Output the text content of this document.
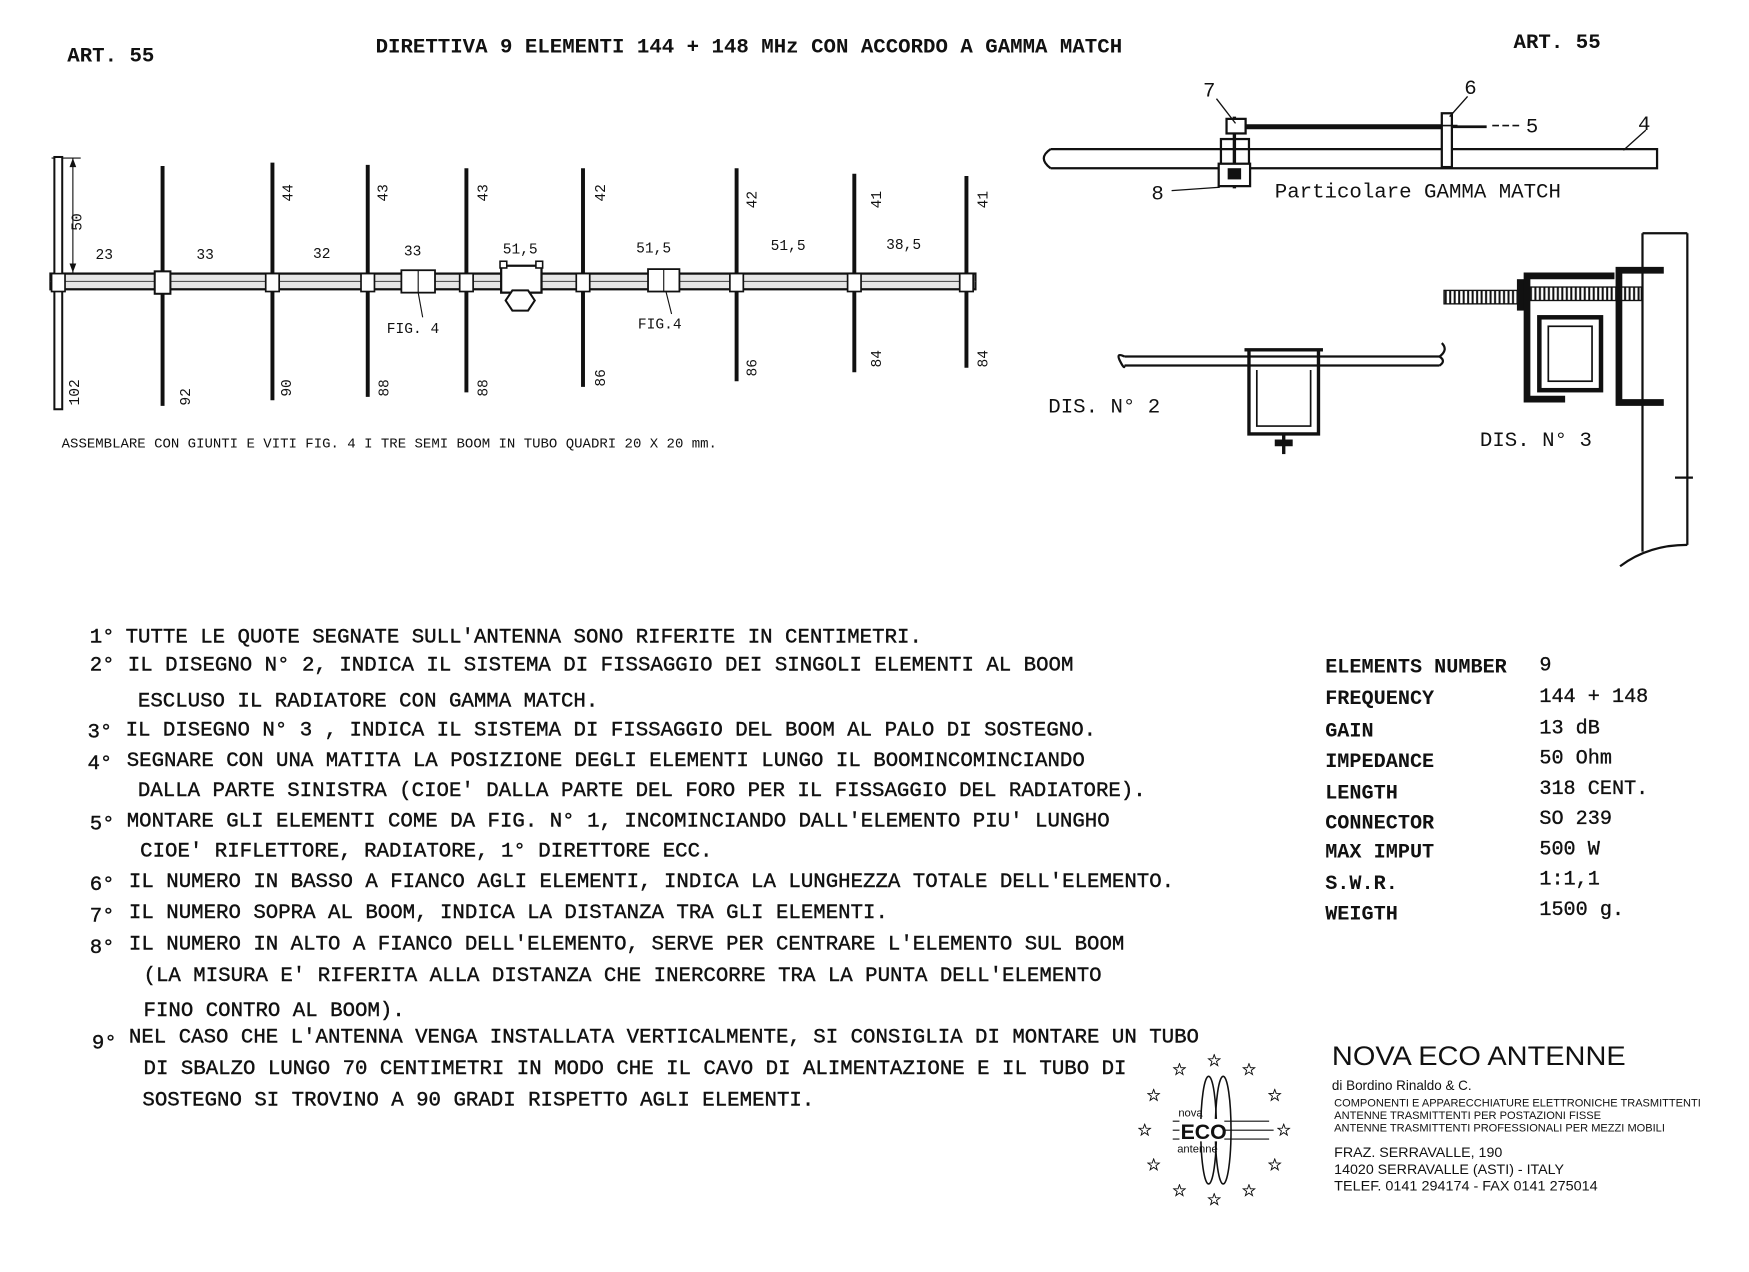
ART. 55	DIRETTIVA 9 ELEMENTI 144 + 148 MHz CON ACCORDO A GAMMA MATCH	ART. 55
50
44	43	43	42	42	41	41
23	33	32	33	51,5	51,5	51,5	38,5
102	92
90	88	88
86
86
84	84
FIG. 4	FIG.4
ASSEMBLARE CON GIUNTI E VITI FIG. 4 I TRE SEMI BOOM IN TUBO QUADRI 20 X 20 mm.
7	6
5	4
8	Particolare GAMMA MATCH
DIS. N° 2
DIS. N° 3
1° TUTTE LE QUOTE SEGNATE SULL'ANTENNA SONO RIFERITE IN CENTIMETRI.
2° IL DISEGNO N° 2, INDICA IL SISTEMA DI FISSAGGIO DEI SINGOLI ELEMENTI AL BOOM
ESCLUSO IL RADIATORE CON GAMMA MATCH.
3° IL DISEGNO N° 3 , INDICA IL SISTEMA DI FISSAGGIO DEL BOOM AL PALO DI SOSTEGNO.
4° SEGNARE CON UNA MATITA LA POSIZIONE DEGLI ELEMENTI LUNGO IL BOOMINCOMINCIANDO
DALLA PARTE SINISTRA (CIOE' DALLA PARTE DEL FORO PER IL FISSAGGIO DEL RADIATORE).
5° MONTARE GLI ELEMENTI COME DA FIG. N° 1, INCOMINCIANDO DALL'ELEMENTO PIU' LUNGHO
CIOE' RIFLETTORE, RADIATORE, 1° DIRETTORE ECC.
6° IL NUMERO IN BASSO A FIANCO AGLI ELEMENTI, INDICA LA LUNGHEZZA TOTALE DELL'ELEMENTO.
7° IL NUMERO SOPRA AL BOOM, INDICA LA DISTANZA TRA GLI ELEMENTI.
8° IL NUMERO IN ALTO A FIANCO DELL'ELEMENTO, SERVE PER CENTRARE L'ELEMENTO SUL BOOM
(LA MISURA E' RIFERITA ALLA DISTANZA CHE INERCORRE TRA LA PUNTA DELL'ELEMENTO
FINO CONTRO AL BOOM).
9° NEL CASO CHE L'ANTENNA VENGA INSTALLATA VERTICALMENTE, SI CONSIGLIA DI MONTARE UN TUBO
DI SBALZO LUNGO 70 CENTIMETRI IN MODO CHE IL CAVO DI ALIMENTAZIONE E IL TUBO DI
SOSTEGNO SI TROVINO A 90 GRADI RISPETTO AGLI ELEMENTI.
ELEMENTS NUMBER 9
FREQUENCY	144 + 148
GAIN	13 dB
IMPEDANCE	50 Ohm
LENGTH	318 CENT.
CONNECTOR	SO 239
MAX IMPUT	500 W
S.W.R.	1:1,1
WEIGTH	1500 g.
nova
ECO
antenne
NOVA ECO ANTENNE
di Bordino Rinaldo & C.
COMPONENTI E APPARECCHIATURE ELETTRONICHE TRASMITTENTI
ANTENNE TRASMITTENTI PER POSTAZIONI FISSE
ANTENNE TRASMITTENTI PROFESSIONALI PER MEZZI MOBILI
FRAZ. SERRAVALLE, 190
14020 SERRAVALLE (ASTI) - ITALY
TELEF. 0141 294174 - FAX 0141 275014
